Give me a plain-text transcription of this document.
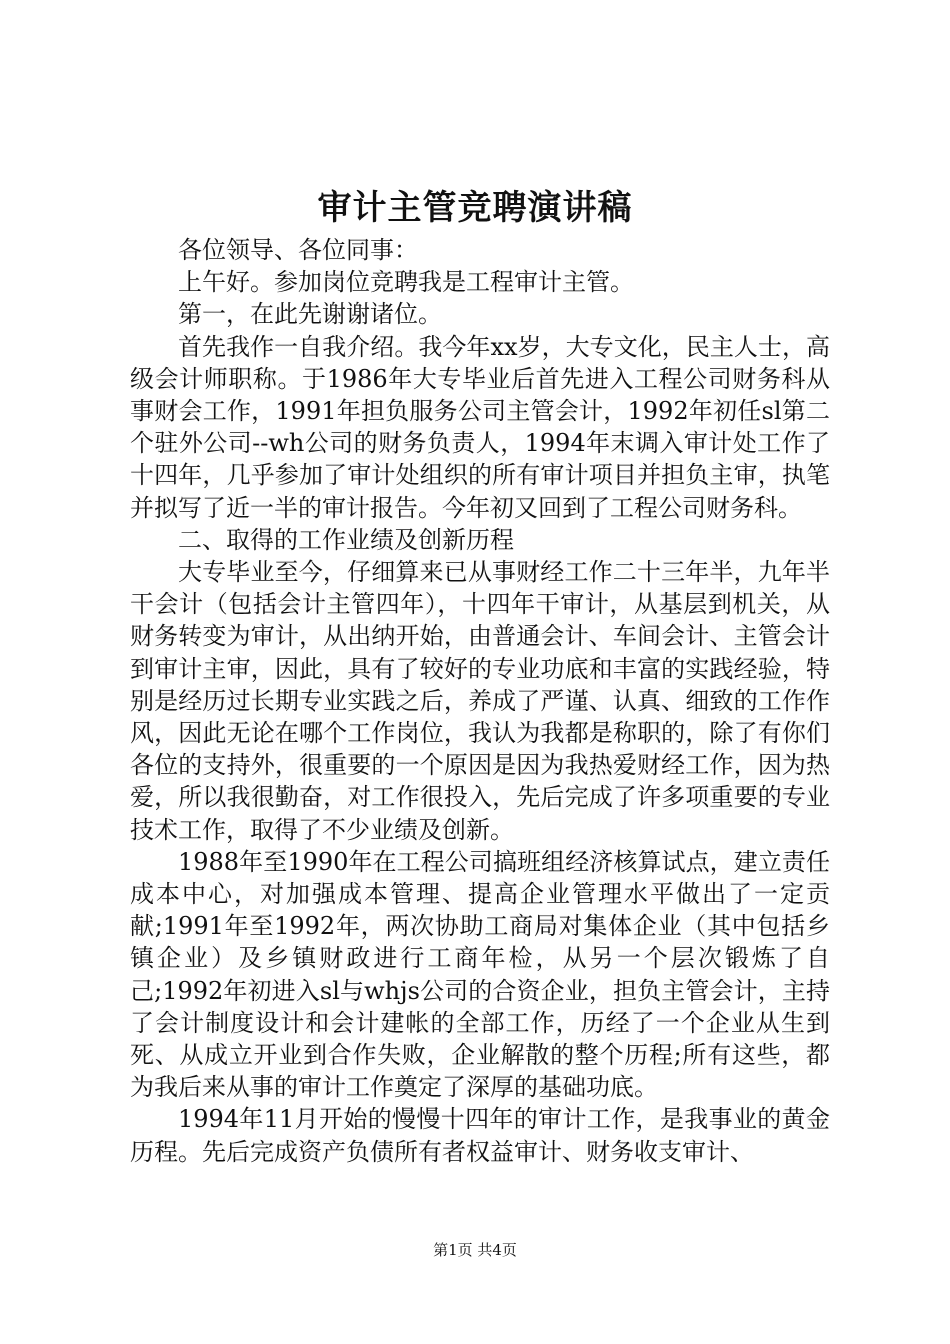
审计主管竞聘演讲稿

各位领导、各位同事：

上午好。参加岗位竞聘我是工程审计主管。

第一，在此先谢谢诸位。

首先我作一自我介绍。我今年xx岁，大专文化，民主人士，高级会计师职称。于1986年大专毕业后首先进入工程公司财务科从事财会工作，1991年担负服务公司主管会计，1992年初任sl第二个驻外公司--wh公司的财务负责人，1994年末调入审计处工作了十四年，几乎参加了审计处组织的所有审计项目并担负主审，执笔并拟写了近一半的审计报告。今年初又回到了工程公司财务科。

二、取得的工作业绩及创新历程

大专毕业至今，仔细算来已从事财经工作二十三年半，九年半干会计（包括会计主管四年），十四年干审计，从基层到机关，从财务转变为审计，从出纳开始，由普通会计、车间会计、主管会计到审计主审，因此，具有了较好的专业功底和丰富的实践经验，特别是经历过长期专业实践之后，养成了严谨、认真、细致的工作作风，因此无论在哪个工作岗位，我认为我都是称职的，除了有你们各位的支持外，很重要的一个原因是因为我热爱财经工作，因为热爱，所以我很勤奋，对工作很投入，先后完成了许多项重要的专业技术工作，取得了不少业绩及创新。

1988年至1990年在工程公司搞班组经济核算试点，建立责任成本中心，对加强成本管理、提高企业管理水平做出了一定贡献;1991年至1992年，两次协助工商局对集体企业（其中包括乡镇企业）及乡镇财政进行工商年检，从另一个层次锻炼了自己;1992年初进入sl与whjs公司的合资企业，担负主管会计，主持了会计制度设计和会计建帐的全部工作，历经了一个企业从生到死、从成立开业到合作失败，企业解散的整个历程;所有这些，都为我后来从事的审计工作奠定了深厚的基础功底。

1994年11月开始的慢慢十四年的审计工作，是我事业的黄金历程。先后完成资产负债所有者权益审计、财务收支审计、

第1页 共4页
